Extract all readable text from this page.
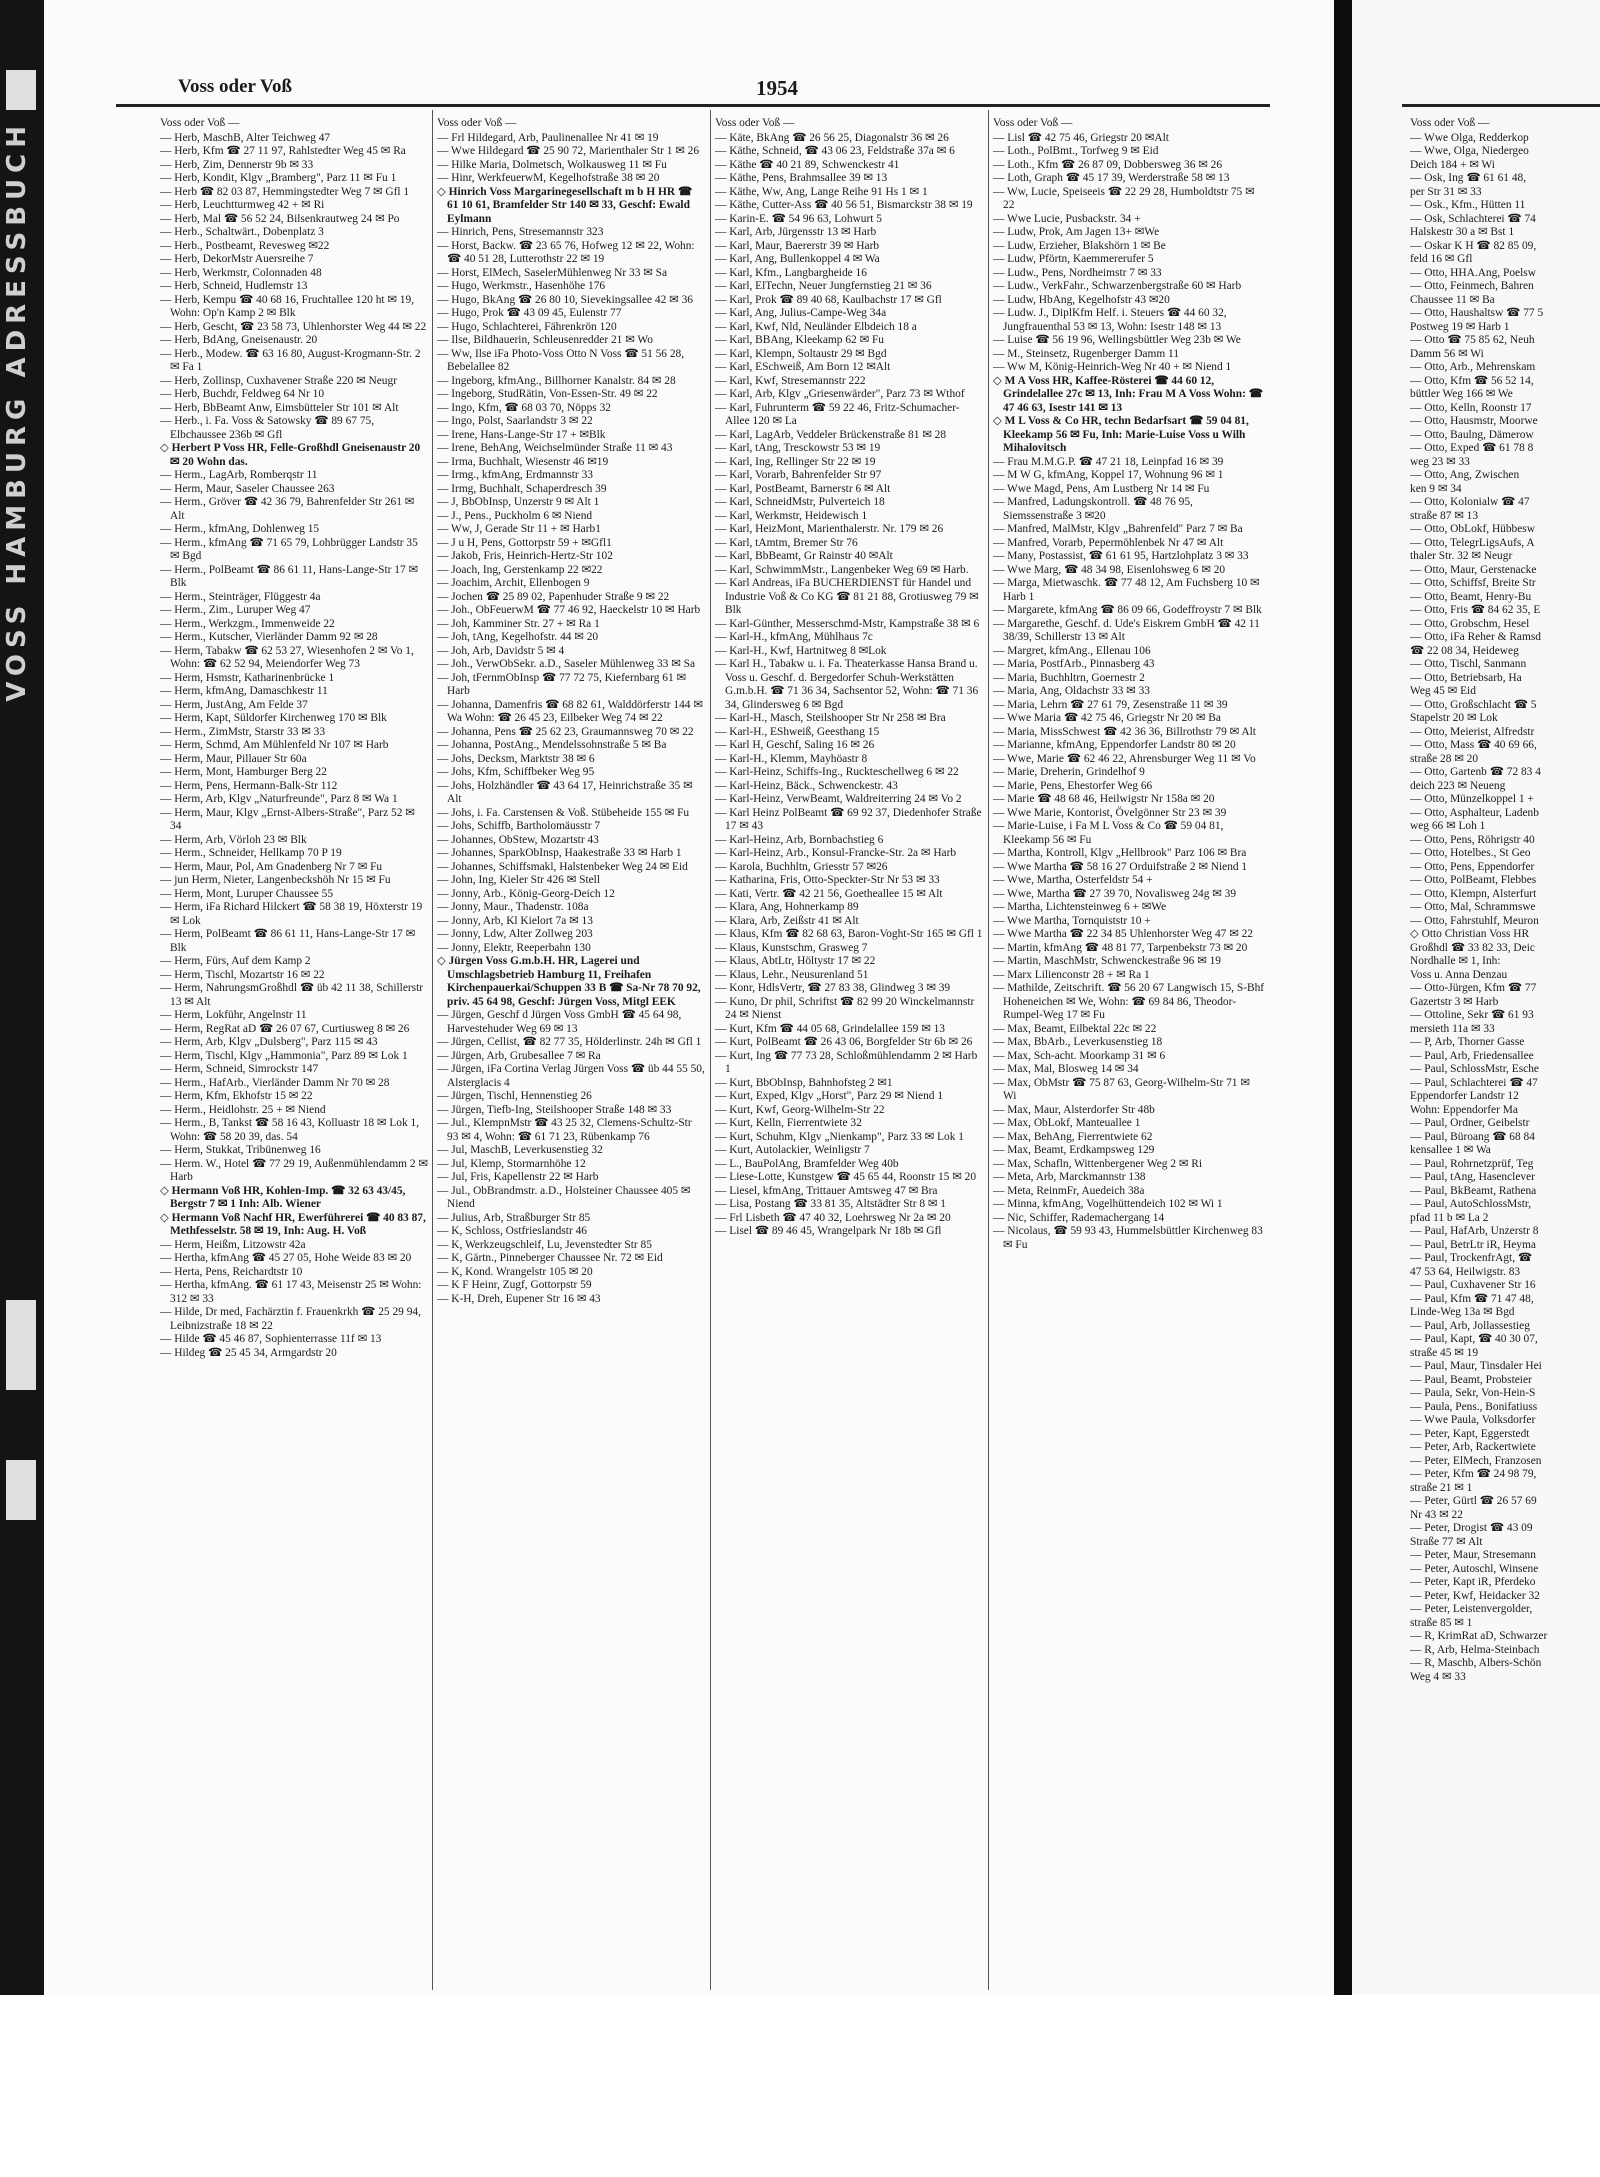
VOSS HAMBURG ADRESSBUCH
Voss oder Voß	1954
Voss oder Voß —

— Herb, MaschB, Alter Teichweg 47

— Herb, Kfm ☎ 27 11 97, Rahlstedter Weg 45 ✉ Ra

— Herb, Zim, Dennerstr 9b ✉ 33

— Herb, Kondit, Klgv „Bramberg", Parz 11 ✉ Fu 1

— Herb ☎ 82 03 87, Hemmingstedter Weg 7 ✉ Gfl 1

— Herb, Leuchtturmweg 42 + ✉ Ri

— Herb, Mal ☎ 56 52 24, Bilsenkrautweg 24 ✉ Po

— Herb., Schaltwärt., Dobenplatz 3

— Herb., Postbeamt, Revesweg ✉22

— Herb, DekorMstr Auersreihe 7

— Herb, Werkmstr, Colonnaden 48

— Herb, Schneid, Hudlemstr 13

— Herb, Kempu ☎ 40 68 16, Fruchtallee 120 ht ✉ 19, Wohn: Op'n Kamp 2 ✉ Blk

— Herb, Gescht, ☎ 23 58 73, Uhlenhorster Weg 44 ✉ 22

— Herb, BdAng, Gneisenaustr. 20

— Herb., Modew. ☎ 63 16 80, August-Krogmann-Str. 2 ✉ Fa 1

— Herb, Zollinsp, Cuxhavener Straße 220 ✉ Neugr

— Herb, Buchdr, Feldweg 64 Nr 10

— Herb, BbBeamt Anw, Eimsbütteler Str 101 ✉ Alt

— Herb., i. Fa. Voss & Satowsky ☎ 89 67 75, Elbchaussee 236b ✉ Gfl

◇ Herbert P Voss HR, Felle-Großhdl Gneisenaustr 20 ✉ 20 Wohn das.

— Herm., LagArb, Romberqstr 11

— Herm, Maur, Saseler Chaussee 263

— Herm., Gröver ☎ 42 36 79, Bahrenfelder Str 261 ✉ Alt

— Herm., kfmAng, Dohlenweg 15

— Herm., kfmAng ☎ 71 65 79, Lohbrügger Landstr 35 ✉ Bgd

— Herm., PolBeamt ☎ 86 61 11, Hans-Lange-Str 17 ✉ Blk

— Herm., Steinträger, Flüggestr 4a

— Herm., Zim., Luruper Weg 47

— Herm., Werkzgm., Immenweide 22

— Herm., Kutscher, Vierländer Damm 92 ✉ 28

— Herm, Tabakw ☎ 62 53 27, Wiesenhofen 2 ✉ Vo 1, Wohn: ☎ 62 52 94, Meiendorfer Weg 73

— Herm, Hsmstr, Katharinenbrücke 1

— Herm, kfmAng, Damaschkestr 11

— Herm, JustAng, Am Felde 37

— Herm, Kapt, Süldorfer Kirchenweg 170 ✉ Blk

— Herm., ZimMstr, Starstr 33 ✉ 33

— Herm, Schmd, Am Mühlenfeld Nr 107 ✉ Harb

— Herm, Maur, Pillauer Str 60a

— Herm, Mont, Hamburger Berg 22

— Herm, Pens, Hermann-Balk-Str 112

— Herm, Arb, Klgv „Naturfreunde", Parz 8 ✉ Wa 1

— Herm, Maur, Klgv „Ernst-Albers-Straße", Parz 52 ✉ 34

— Herm, Arb, Vörloh 23 ✉ Blk

— Herm., Schneider, Hellkamp 70 P 19

— Herm, Maur, Pol, Am Gnadenberg Nr 7 ✉ Fu

— jun Herm, Nieter, Langenbeckshöh Nr 15 ✉ Fu

— Herm, Mont, Luruper Chaussee 55

— Herm, iFa Richard Hilckert ☎ 58 38 19, Höxterstr 19 ✉ Lok

— Herm, PolBeamt ☎ 86 61 11, Hans-Lange-Str 17 ✉ Blk

— Herm, Fürs, Auf dem Kamp 2

— Herm, Tischl, Mozartstr 16 ✉ 22

— Herm, NahrungsmGroßhdl ☎ üb 42 11 38, Schillerstr 13 ✉ Alt

— Herm, Lokführ, Angelnstr 11

— Herm, RegRat aD ☎ 26 07 67, Curtiusweg 8 ✉ 26

— Herm, Arb, Klgv „Dulsberg", Parz 115 ✉ 43

— Herm, Tischl, Klgv „Hammonia", Parz 89 ✉ Lok 1

— Herm, Schneid, Simrockstr 147

— Herm., HafArb., Vierländer Damm Nr 70 ✉ 28

— Herm, Kfm, Ekhofstr 15 ✉ 22

— Herm., Heidlohstr. 25 + ✉ Niend

— Herm., B, Tankst ☎ 58 16 43, Kolluastr 18 ✉ Lok 1, Wohn: ☎ 58 20 39, das. 54

— Herm, Stukkat, Tribünenweg 16

— Herm. W., Hotel ☎ 77 29 19, Außenmühlendamm 2 ✉ Harb

◇ Hermann Voß HR, Kohlen-Imp. ☎ 32 63 43/45, Bergstr 7 ✉ 1 Inh: Alb. Wiener

◇ Hermann Voß Nachf HR, Ewerführerei ☎ 40 83 87, Methfesselstr. 58 ✉ 19, Inh: Aug. H. Voß

— Herm, Heißm, Litzowstr 42a

— Hertha, kfmAng ☎ 45 27 05, Hohe Weide 83 ✉ 20

— Herta, Pens, Reichardtstr 10

— Hertha, kfmAng. ☎ 61 17 43, Meisenstr 25 ✉ Wohn: 312 ✉ 33

— Hilde, Dr med, Fachärztin f. Frauenkrkh ☎ 25 29 94, Leibnizstraße 18 ✉ 22

— Hilde ☎ 45 46 87, Sophienterrasse 11f ✉ 13

— Hildeg ☎ 25 45 34, Armgardstr 20

Voss oder Voß —

— Frl Hildegard, Arb, Paulinenallee Nr 41 ✉ 19

— Wwe Hildegard ☎ 25 90 72, Marienthaler Str 1 ✉ 26

— Hilke Maria, Dolmetsch, Wolkausweg 11 ✉ Fu

— Hinr, WerkfeuerwM, Kegelhofstraße 38 ✉ 20

◇ Hinrich Voss Margarinegesellschaft m b H HR ☎ 61 10 61, Bramfelder Str 140 ✉ 33, Geschf: Ewald Eylmann

— Hinrich, Pens, Stresemannstr 323

— Horst, Backw. ☎ 23 65 76, Hofweg 12 ✉ 22, Wohn: ☎ 40 51 28, Lutterothstr 22 ✉ 19

— Horst, ElMech, SaselerMühlenweg Nr 33 ✉ Sa

— Hugo, Werkmstr., Hasenhöhe 176

— Hugo, BkAng ☎ 26 80 10, Sievekingsallee 42 ✉ 36

— Hugo, Prok ☎ 43 09 45, Eulenstr 77

— Hugo, Schlachterei, Fährenkrön 120

— Ilse, Bildhauerin, Schleusenredder 21 ✉ Wo

— Ww, Ilse iFa Photo-Voss Otto N Voss ☎ 51 56 28, Bebelallee 82

— Ingeborg, kfmAng., Billhorner Kanalstr. 84 ✉ 28

— Ingeborg, StudRätin, Von-Essen-Str. 49 ✉ 22

— Ingo, Kfm, ☎ 68 03 70, Nöpps 32

— Ingo, Polst, Saarlandstr 3 ✉ 22

— Irene, Hans-Lange-Str 17 + ✉Blk

— Irene, BehAng, Weichselmünder Straße 11 ✉ 43

— Irma, Buchhalt, Wiesenstr 46 ✉19

— Irmg., kfmAng, Erdmannstr 33

— Irmg, Buchhalt, Schaperdresch 39

— J, BbObInsp, Unzerstr 9 ✉ Alt 1

— J., Pens., Puckholm 6 ✉ Niend

— Ww, J, Gerade Str 11 + ✉ Harb1

— J u H, Pens, Gottorpstr 59 + ✉Gfl1

— Jakob, Fris, Heinrich-Hertz-Str 102

— Joach, Ing, Gerstenkamp 22 ✉22

— Joachim, Archit, Ellenbogen 9

— Jochen ☎ 25 89 02, Papenhuder Straße 9 ✉ 22

— Joh., ObFeuerwM ☎ 77 46 92, Haeckelstr 10 ✉ Harb

— Joh, Kamminer Str. 27 + ✉ Ra 1

— Joh, tAng, Kegelhofstr. 44 ✉ 20

— Joh, Arb, Davidstr 5 ✉ 4

— Joh., VerwObSekr. a.D., Saseler Mühlenweg 33 ✉ Sa

— Joh, tFernmObInsp ☎ 77 72 75, Kiefernbarg 61 ✉ Harb

— Johanna, Damenfris ☎ 68 82 61, Walddörferstr 144 ✉ Wa Wohn: ☎ 26 45 23, Eilbeker Weg 74 ✉ 22

— Johanna, Pens ☎ 25 62 23, Graumannsweg 70 ✉ 22

— Johanna, PostAng., Mendelssohnstraße 5 ✉ Ba

— Johs, Decksm, Marktstr 38 ✉ 6

— Johs, Kfm, Schiffbeker Weg 95

— Johs, Holzhändler ☎ 43 64 17, Heinrichstraße 35 ✉ Alt

— Johs, i. Fa. Carstensen & Voß. Stübeheide 155 ✉ Fu

— Johs, Schiffb, Bartholomäusstr 7

— Johannes, ObStew, Mozartstr 43

— Johannes, SparkObInsp, Haakestraße 33 ✉ Harb 1

— Johannes, Schiffsmakl, Halstenbeker Weg 24 ✉ Eid

— John, Ing, Kieler Str 426 ✉ Stell

— Jonny, Arb., König-Georg-Deich 12

— Jonny, Maur., Thadenstr. 108a

— Jonny, Arb, Kl Kielort 7a ✉ 13

— Jonny, Ldw, Alter Zollweg 203

— Jonny, Elektr, Reeperbahn 130

◇ Jürgen Voss G.m.b.H. HR, Lagerei und Umschlagsbetrieb Hamburg 11, Freihafen Kirchenpauerkai/Schuppen 33 B ☎ Sa-Nr 78 70 92, priv. 45 64 98, Geschf: Jürgen Voss, Mitgl EEK

— Jürgen, Geschf d Jürgen Voss GmbH ☎ 45 64 98, Harvestehuder Weg 69 ✉ 13

— Jürgen, Cellist, ☎ 82 77 35, Hölderlinstr. 24h ✉ Gfl 1

— Jürgen, Arb, Grubesallee 7 ✉ Ra

— Jürgen, iFa Cortina Verlag Jürgen Voss ☎ üb 44 55 50, Alsterglacis 4

— Jürgen, Tischl, Hennenstieg 26

— Jürgen, Tiefb-Ing, Steilshooper Straße 148 ✉ 33

— Jul., KlempnMstr ☎ 43 25 32, Clemens-Schultz-Str 93 ✉ 4, Wohn: ☎ 61 71 23, Rübenkamp 76

— Jul, MaschB, Leverkusenstieg 32

— Jul, Klemp, Stormarnhöhe 12

— Jul, Fris, Kapellenstr 22 ✉ Harb

— Jul., ObBrandmstr. a.D., Holsteiner Chaussee 405 ✉ Niend

— Julius, Arb, Straßburger Str 85

— K, Schloss, Ostfrieslandstr 46

— K, Werkzeugschleif, Lu, Jevenstedter Str 85

— K, Gärtn., Pinneberger Chaussee Nr. 72 ✉ Eid

— K, Kond. Wrangelstr 105 ✉ 20

— K F Heinr, Zugf, Gottorpstr 59

— K-H, Dreh, Eupener Str 16 ✉ 43

Voss oder Voß —

— Käte, BkAng ☎ 26 56 25, Diagonalstr 36 ✉ 26

— Käthe, Schneid, ☎ 43 06 23, Feldstraße 37a ✉ 6

— Käthe ☎ 40 21 89, Schwenckestr 41

— Käthe, Pens, Brahmsallee 39 ✉ 13

— Käthe, Ww, Ang, Lange Reihe 91 Hs 1 ✉ 1

— Käthe, Cutter-Ass ☎ 40 56 51, Bismarckstr 38 ✉ 19

— Karin-E. ☎ 54 96 63, Lohwurt 5

— Karl, Arb, Jürgensstr 13 ✉ Harb

— Karl, Maur, Baererstr 39 ✉ Harb

— Karl, Ang, Bullenkoppel 4 ✉ Wa

— Karl, Kfm., Langbargheide 16

— Karl, ElTechn, Neuer Jungfernstieg 21 ✉ 36

— Karl, Prok ☎ 89 40 68, Kaulbachstr 17 ✉ Gfl

— Karl, Ang, Julius-Campe-Weg 34a

— Karl, Kwf, Nld, Neuländer Elbdeich 18 a

— Karl, BBAng, Kleekamp 62 ✉ Fu

— Karl, Klempn, Soltaustr 29 ✉ Bgd

— Karl, ESchweiß, Am Born 12 ✉Alt

— Karl, Kwf, Stresemannstr 222

— Karl, Arb, Klgv „Griesenwärder", Parz 73 ✉ Wthof

— Karl, Fuhrunterm ☎ 59 22 46, Fritz-Schumacher-Allee 120 ✉ La

— Karl, LagArb, Veddeler Brückenstraße 81 ✉ 28

— Karl, tAng, Tresckowstr 53 ✉ 19

— Karl, Ing, Rellinger Str 22 ✉ 19

— Karl, Vorarb, Bahrenfelder Str 97

— Karl, PostBeamt, Barnerstr 6 ✉ Alt

— Karl, SchneidMstr, Pulverteich 18

— Karl, Werkmstr, Heidewisch 1

— Karl, HeizMont, Marienthalerstr. Nr. 179 ✉ 26

— Karl, tAmtm, Bremer Str 76

— Karl, BbBeamt, Gr Rainstr 40 ✉Alt

— Karl, SchwimmMstr., Langenbeker Weg 69 ✉ Harb.

— Karl Andreas, iFa BUCHERDIENST für Handel und Industrie Voß & Co KG ☎ 81 21 88, Grotiusweg 79 ✉ Blk

— Karl-Günther, Messerschmd-Mstr, Kampstraße 38 ✉ 6

— Karl-H., kfmAng, Mühlhaus 7c

— Karl-H., Kwf, Hartnitweg 8 ✉Lok

— Karl H., Tabakw u. i. Fa. Theaterkasse Hansa Brand u. Voss u. Geschf. d. Bergedorfer Schuh-Werkstätten G.m.b.H. ☎ 71 36 34, Sachsentor 52, Wohn: ☎ 71 36 34, Glindersweg 6 ✉ Bgd

— Karl-H., Masch, Steilshooper Str Nr 258 ✉ Bra

— Karl-H., EShweiß, Geesthang 15

— Karl H, Geschf, Saling 16 ✉ 26

— Karl-H., Klemm, Mayhöastr 8

— Karl-Heinz, Schiffs-Ing., Ruckteschellweg 6 ✉ 22

— Karl-Heinz, Bäck., Schwenckestr. 43

— Karl-Heinz, VerwBeamt, Waldreiterring 24 ✉ Vo 2

— Karl Heinz PolBeamt ☎ 69 92 37, Diedenhofer Straße 17 ✉ 43

— Karl-Heinz, Arb, Bornbachstieg 6

— Karl-Heinz, Arb., Konsul-Francke-Str. 2a ✉ Harb

— Karola, Buchhltn, Griesstr 57 ✉26

— Katharina, Fris, Otto-Speckter-Str Nr 53 ✉ 33

— Kati, Vertr. ☎ 42 21 56, Goetheallee 15 ✉ Alt

— Klara, Ang, Hohnerkamp 89

— Klara, Arb, Zeißstr 41 ✉ Alt

— Klaus, Kfm ☎ 82 68 63, Baron-Voght-Str 165 ✉ Gfl 1

— Klaus, Kunstschm, Grasweg 7

— Klaus, AbtLtr, Höltystr 17 ✉ 22

— Klaus, Lehr., Neusurenland 51

— Konr, HdlsVertr, ☎ 27 83 38, Glindweg 3 ✉ 39

— Kuno, Dr phil, Schriftst ☎ 82 99 20 Winckelmannstr 24 ✉ Nienst

— Kurt, Kfm ☎ 44 05 68, Grindelallee 159 ✉ 13

— Kurt, PolBeamt ☎ 26 43 06, Borgfelder Str 6b ✉ 26

— Kurt, Ing ☎ 77 73 28, Schloßmühlendamm 2 ✉ Harb 1

— Kurt, BbObInsp, Bahnhofsteg 2 ✉1

— Kurt, Exped, Klgv „Horst", Parz 29 ✉ Niend 1

— Kurt, Kwf, Georg-Wilhelm-Str 22

— Kurt, Kelln, Fierrentwiete 32

— Kurt, Schuhm, Klgv „Nienkamp", Parz 33 ✉ Lok 1

— Kurt, Autolackier, Weinligstr 7

— L., BauPolAng, Bramfelder Weg 40b

— Liese-Lotte, Kunstgew ☎ 45 65 44, Roonstr 15 ✉ 20

— Liesel, kfmAng, Trittauer Amtsweg 47 ✉ Bra

— Lisa, Postang ☎ 33 81 35, Altstädter Str 8 ✉ 1

— Frl Lisbeth ☎ 47 40 32, Loehrsweg Nr 2a ✉ 20

— Lisel ☎ 89 46 45, Wrangelpark Nr 18b ✉ Gfl

Voss oder Voß —

— Lisl ☎ 42 75 46, Griegstr 20 ✉Alt

— Loth., PolBmt., Torfweg 9 ✉ Eid

— Loth., Kfm ☎ 26 87 09, Dobbersweg 36 ✉ 26

— Loth, Graph ☎ 45 17 39, Werderstraße 58 ✉ 13

— Ww, Lucie, Speiseeis ☎ 22 29 28, Humboldtstr 75 ✉ 22

— Wwe Lucie, Pusbackstr. 34 +

— Ludw, Prok, Am Jagen 13+ ✉We

— Ludw, Erzieher, Blakshörn 1 ✉ Be

— Ludw, Pförtn, Kaemmererufer 5

— Ludw., Pens, Nordheimstr 7 ✉ 33

— Ludw., VerkFahr., Schwarzenbergstraße 60 ✉ Harb

— Ludw, HbAng, Kegelhofstr 43 ✉20

— Ludw. J., DiplKfm Helf. i. Steuers ☎ 44 60 32, Jungfrauenthal 53 ✉ 13, Wohn: Isestr 148 ✉ 13

— Luise ☎ 56 19 96, Wellingsbüttler Weg 23b ✉ We

— M., Steinsetz, Rugenberger Damm 11

— Ww M, König-Heinrich-Weg Nr 40 + ✉ Niend 1

◇ M A Voss HR, Kaffee-Rösterei ☎ 44 60 12, Grindelallee 27c ✉ 13, Inh: Frau M A Voss Wohn: ☎ 47 46 63, Isestr 141 ✉ 13

◇ M L Voss & Co HR, techn Bedarfsart ☎ 59 04 81, Kleekamp 56 ✉ Fu, Inh: Marie-Luise Voss u Wilh Mihalovitsch

— Frau M.M.G.P. ☎ 47 21 18, Leinpfad 16 ✉ 39

— M W G, kfmAng, Koppel 17, Wohnung 96 ✉ 1

— Wwe Magd, Pens, Am Lustberg Nr 14 ✉ Fu

— Manfred, Ladungskontroll. ☎ 48 76 95, Siemssenstraße 3 ✉20

— Manfred, MalMstr, Klgv „Bahrenfeld" Parz 7 ✉ Ba

— Manfred, Vorarb, Pepermöhlenbek Nr 47 ✉ Alt

— Many, Postassist, ☎ 61 61 95, Hartzlohplatz 3 ✉ 33

— Wwe Marg, ☎ 48 34 98, Eisenlohsweg 6 ✉ 20

— Marga, Mietwaschk. ☎ 77 48 12, Am Fuchsberg 10 ✉ Harb 1

— Margarete, kfmAng ☎ 86 09 66, Godeffroystr 7 ✉ Blk

— Margarethe, Geschf. d. Ude's Eiskrem GmbH ☎ 42 11 38/39, Schillerstr 13 ✉ Alt

— Margret, kfmAng., Ellenau 106

— Maria, PostfArb., Pinnasberg 43

— Maria, Buchhltrn, Goernestr 2

— Maria, Ang, Oldachstr 33 ✉ 33

— Maria, Lehrn ☎ 27 61 79, Zesenstraße 11 ✉ 39

— Wwe Maria ☎ 42 75 46, Griegstr Nr 20 ✉ Ba

— Maria, MissSchwest ☎ 42 36 36, Billrothstr 79 ✉ Alt

— Marianne, kfmAng, Eppendorfer Landstr 80 ✉ 20

— Wwe, Marie ☎ 62 46 22, Ahrensburger Weg 11 ✉ Vo

— Marie, Dreherin, Grindelhof 9

— Marie, Pens, Ehestorfer Weg 66

— Marie ☎ 48 68 46, Heilwigstr Nr 158a ✉ 20

— Wwe Marie, Kontorist, Övelgönner Str 23 ✉ 39

— Marie-Luise, i Fa M L Voss & Co ☎ 59 04 81, Kleekamp 56 ✉ Fu

— Martha, Kontroll, Klgv „Hellbrook" Parz 106 ✉ Bra

— Wwe Martha ☎ 58 16 27 Orduifstraße 2 ✉ Niend 1

— Wwe, Martha, Osterfeldstr 54 +

— Wwe, Martha ☎ 27 39 70, Novalisweg 24g ✉ 39

— Martha, Lichtensteinweg 6 + ✉We

— Wwe Martha, Tornquiststr 10 +

— Wwe Martha ☎ 22 34 85 Uhlenhorster Weg 47 ✉ 22

— Martin, kfmAng ☎ 48 81 77, Tarpenbekstr 73 ✉ 20

— Martin, MaschMstr, Schwenckestraße 96 ✉ 19

— Marx Lilienconstr 28 + ✉ Ra 1

— Mathilde, Zeitschrift. ☎ 56 20 67 Langwisch 15, S-Bhf Hoheneichen ✉ We, Wohn: ☎ 69 84 86, Theodor-Rumpel-Weg 17 ✉ Fu

— Max, Beamt, Eilbektal 22c ✉ 22

— Max, BbArb., Leverkusenstieg 18

— Max, Sch-acht. Moorkamp 31 ✉ 6

— Max, Mal, Blosweg 14 ✉ 34

— Max, ObMstr ☎ 75 87 63, Georg-Wilhelm-Str 71 ✉ Wi

— Max, Maur, Alsterdorfer Str 48b

— Max, ObLokf, Manteuallee 1

— Max, BehAng, Fierrentwiete 62

— Max, Beamt, Erdkampsweg 129

— Max, Schafln, Wittenbergener Weg 2 ✉ Ri

— Meta, Arb, Marckmannstr 138

— Meta, ReinmFr, Auedeich 38a

— Minna, kfmAng, Vogelhüttendeich 102 ✉ Wi 1

— Nic, Schiffer, Rademachergang 14

— Nicolaus, ☎ 59 93 43, Hummelsbüttler Kirchenweg 83 ✉ Fu

Voss oder Voß —

— Wwe Olga, Redderkop

— Wwe, Olga, Niedergeo

Deich 184 + ✉ Wi

— Osk, Ing ☎ 61 61 48,

per Str 31 ✉ 33

— Osk., Kfm., Hütten 11

— Osk, Schlachterei ☎ 74

Halskestr 30 a ✉ Bst 1

— Oskar K H ☎ 82 85 09,

feld 16 ✉ Gfl

— Otto, HHA.Ang, Poelsw

— Otto, Feinmech, Bahren

Chaussee 11 ✉ Ba

— Otto, Haushaltsw ☎ 77 5

Postweg 19 ✉ Harb 1

— Otto ☎ 75 85 62, Neuh

Damm 56 ✉ Wi

— Otto, Arb., Mehrenskam

— Otto, Kfm ☎ 56 52 14,

büttler Weg 166 ✉ We

— Otto, Kelln, Roonstr 17

— Otto, Hausmstr, Moorwe

— Otto, Baulng, Dämerow

— Otto, Exped ☎ 61 78 8

weg 23 ✉ 33

— Otto, Ang, Zwischen

ken 9 ✉ 34

— Otto, Kolonialw ☎ 47

straße 87 ✉ 13

— Otto, ObLokf, Hübbesw

— Otto, TelegrLigsAufs, A

thaler Str. 32 ✉ Neugr

— Otto, Maur, Gerstenacke

— Otto, Schiffsf, Breite Str

— Otto, Beamt, Henry-Bu

— Otto, Fris ☎ 84 62 35, E

— Otto, Grobschm, Hesel

— Otto, iFa Reher & Ramsd

☎ 22 08 34, Heideweg

— Otto, Tischl, Sanmann

— Otto, Betriebsarb, Ha

Weg 45 ✉ Eid

— Otto, Großschlacht ☎ 5

Stapelstr 20 ✉ Lok

— Otto, Meierist, Alfredstr

— Otto, Mass ☎ 40 69 66,

straße 28 ✉ 20

— Otto, Gartenb ☎ 72 83 4

deich 223 ✉ Neueng

— Otto, Münzelkoppel 1 +

— Otto, Asphalteur, Ladenb

weg 66 ✉ Loh 1

— Otto, Pens, Röhrigstr 40

— Otto, Hotelbes., St Geo

— Otto, Pens, Eppendorfer

— Otto, PolBeamt, Flebbes

— Otto, Klempn, Alsterfurt

— Otto, Mal, Schrammswe

— Otto, Fahrstuhlf, Meuron

◇ Otto Christian Voss HR

Großhdl ☎ 33 82 33, Deic

Nordhalle ✉ 1, Inh:

Voss u. Anna Denzau

— Otto-Jürgen, Kfm ☎ 77

Gazertstr 3 ✉ Harb

— Ottoline, Sekr ☎ 61 93

mersieth 11a ✉ 33

— P, Arb, Thorner Gasse

— Paul, Arb, Friedensallee

— Paul, SchlossMstr, Esche

— Paul, Schlachterei ☎ 47

Eppendorfer Landstr 12

Wohn: Eppendorfer Ma

— Paul, Ordner, Geibelstr

— Paul, Büroang ☎ 68 84

kensallee 1 ✉ Wa

— Paul, Rohrnetzprüf, Teg

— Paul, tAng, Hasenclever

— Paul, BkBeamt, Rathena

— Paul, AutoSchlossMstr,

pfad 11 b ✉ La 2

— Paul, HafArb, Unzerstr 8

— Paul, BetrLtr iR, Heyma

— Paul, TrockenfrAgt, ☎

47 53 64, Heilwigstr. 83

— Paul, Cuxhavener Str 16

— Paul, Kfm ☎ 71 47 48,

Linde-Weg 13a ✉ Bgd

— Paul, Arb, Jollassestieg

— Paul, Kapt, ☎ 40 30 07,

straße 45 ✉ 19

— Paul, Maur, Tinsdaler Hei

— Paul, Beamt, Probsteier

— Paula, Sekr, Von-Hein-S

— Paula, Pens., Bonifatiuss

— Wwe Paula, Volksdorfer

— Peter, Kapt, Eggerstedt

— Peter, Arb, Rackertwiete

— Peter, ElMech, Franzosen

— Peter, Kfm ☎ 24 98 79,

straße 21 ✉ 1

— Peter, Gürtl ☎ 26 57 69

Nr 43 ✉ 22

— Peter, Drogist ☎ 43 09

Straße 77 ✉ Alt

— Peter, Maur, Stresemann

— Peter, Autoschl, Winsene

— Peter, Kapt iR, Pferdeko

— Peter, Kwf, Heidacker 32

— Peter, Leistenvergolder,

straße 85 ✉ 1

— R, KrimRat aD, Schwarzer

— R, Arb, Helma-Steinbach

— R, Maschb, Albers-Schön

Weg 4 ✉ 33
